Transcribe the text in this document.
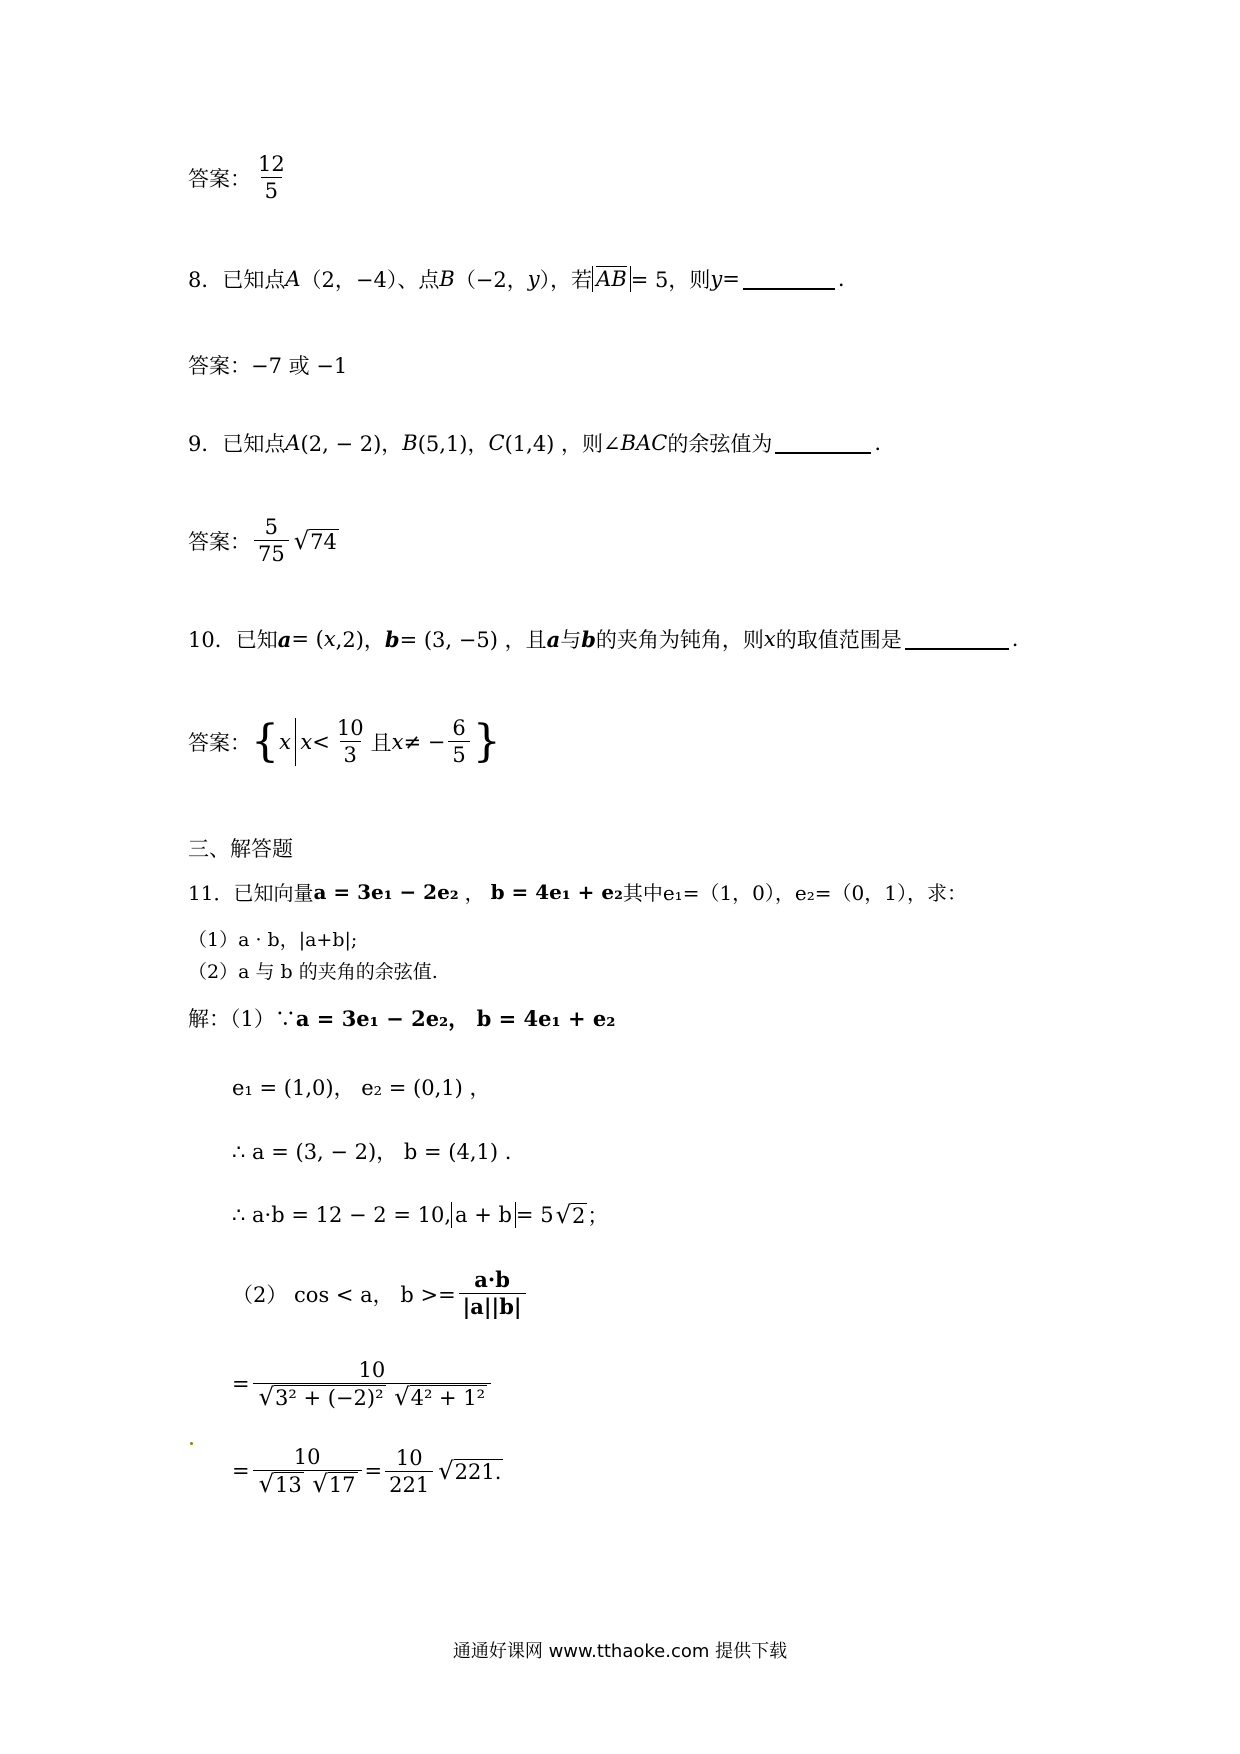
答案： $\frac{12}{5}$
8．已知点 A （2，−4）、点 B （−2， y ），若 AB = 5，则 y =	.
答案： −7 或 −1
9．已知点 A (2, − 2)， B (5,1)， C (1,4) ，则∠ BAC 的余弦值为	.
答案： $\frac{5}{75}$ √ 74
10．已知 a = ( x ,2)， b = (3, −5) ，且 a 与 b 的夹角为钝角，则 x 的取值范围是	.
答案： { x $x < \frac{10}{3}$ 且 x ≠ − $\frac{6}{5}$ }
三、解答题
11．已知向量 a = 3e₁ − 2e₂ ， b = 4e₁ + e₂ 其中 e₁=（1，0）， e₂=（0，1），求：
（1）a · b，|a+b|;
（2）a 与 b 的夹角的余弦值.
解：（1）∵ a = 3e₁ − 2e₂， b = 4e₁ + e₂
e₁ = (1,0)， e₂ = (0,1) ，
∴ a = (3, − 2)， b = (4,1) .
∴ a·b = 12 − 2 = 10, a + b = 5 √ 2 ；
（2） cos < a， $b >= \frac{a\cdot b}{|a||b|}$
= 10
√ 3² + (−2)²
√ 4² + 1²
= 10
√ 13
√ $17 = \frac{10}{221}$ √ 221.
通通好课网 www.tthaoke.com 提供下载
